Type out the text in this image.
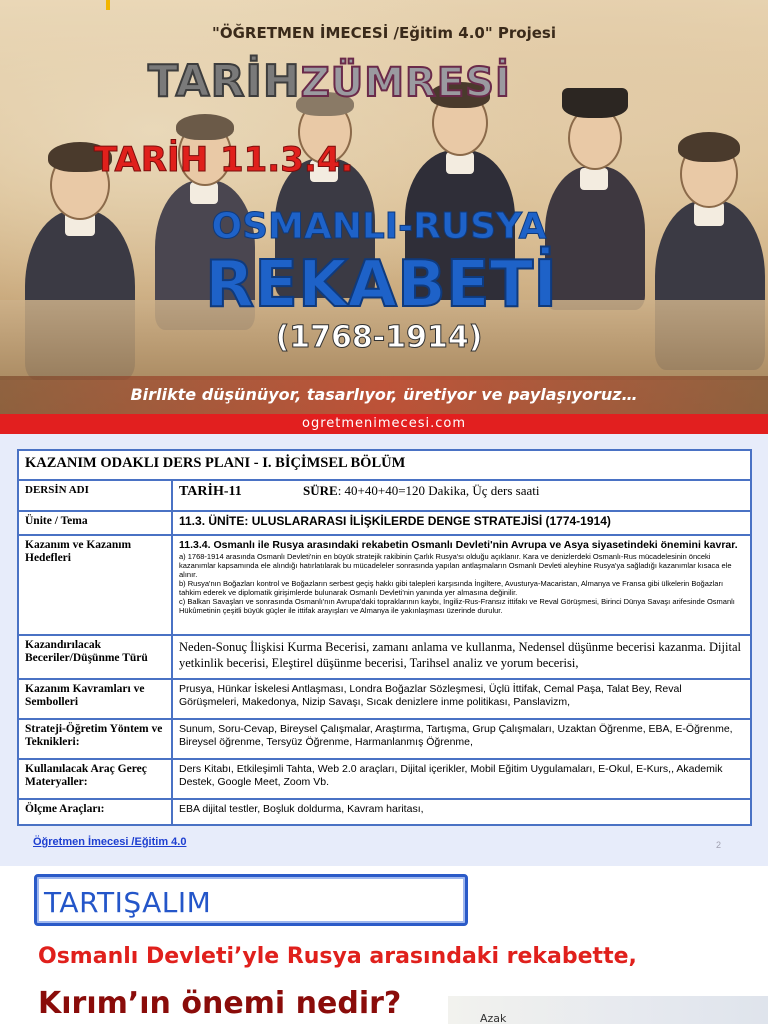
"ÖĞRETMEN İMECESİ /Eğitim 4.0" Projesi
TARİHZÜMRESİ
TARİH 11.3.4.
OSMANLI-RUSYA
REKABETİ
(1768-1914)
Birlikte düşünüyor, tasarlıyor, üretiyor ve paylaşıyoruz…
ogretmenimecesi.com
KAZANIM ODAKLI DERS PLANI - I. BİÇİMSEL BÖLÜM	
DERSİN ADI	TARİH-11 SÜRE: 40+40+40=120 Dakika, Üç ders saati
Ünite / Tema	11.3. ÜNİTE: ULUSLARARASI İLİŞKİLERDE DENGE STRATEJİSİ (1774-1914)
Kazanım ve Kazanım Hedefleri	11.3.4. Osmanlı ile Rusya arasındaki rekabetin Osmanlı Devleti'nin Avrupa ve Asya siyasetindeki önemini kavrar.
a) 1768-1914 arasında Osmanlı Devleti'nin en büyük stratejik rakibinin Çarlık Rusya'sı olduğu açıklanır. Kara ve denizlerdeki Osmanlı-Rus mücadelesinin önceki kazanımlar kapsamında ele alındığı hatırlatılarak bu mücadeleler sonrasında yapılan antlaşmaların Osmanlı Devleti aleyhine Rusya'ya sağladığı kazanımlar kısaca ele alınır.
b) Rusya'nın Boğazları kontrol ve Boğazların serbest geçiş hakkı gibi talepleri karşısında İngiltere, Avusturya-Macaristan, Almanya ve Fransa gibi ülkelerin Boğazları tahkim ederek ve diplomatik girişimlerde bulunarak Osmanlı Devleti'nin yanında yer almasına değinilir.
c) Balkan Savaşları ve sonrasında Osmanlı'nın Avrupa'daki topraklarının kaybı, İngiliz-Rus-Fransız ittifakı ve Reval Görüşmesi, Birinci Dünya Savaşı arifesinde Osmanlı Hükûmetinin çeşitli büyük güçler ile ittifak arayışları ve Almanya ile yakınlaşması üzerinde durulur.

Kazandırılacak Beceriler/Düşünme Türü	Neden-Sonuç İlişkisi Kurma Becerisi, zamanı anlama ve kullanma, Nedensel düşünme becerisi kazanma. Dijital yetkinlik becerisi, Eleştirel düşünme becerisi, Tarihsel analiz ve yorum becerisi,
Kazanım Kavramları ve Sembolleri	Prusya, Hünkar İskelesi Antlaşması, Londra Boğazlar Sözleşmesi, Üçlü İttifak, Cemal Paşa, Talat Bey, Reval Görüşmeleri, Makedonya, Nizip Savaşı, Sıcak denizlere inme politikası, Panslavizm,
Strateji-Öğretim Yöntem ve Teknikleri:	Sunum, Soru-Cevap, Bireysel Çalışmalar, Araştırma, Tartışma, Grup Çalışmaları, Uzaktan Öğrenme, EBA, E-Öğrenme, Bireysel öğrenme, Tersyüz Öğrenme, Harmanlanmış Öğrenme,
Kullanılacak Araç Gereç Materyaller:	Ders Kitabı, Etkileşimli Tahta, Web 2.0 araçları, Dijital içerikler, Mobil Eğitim Uygulamaları, E-Okul, E-Kurs,, Akademik Destek, Google Meet, Zoom Vb.
Ölçme Araçları:	EBA dijital testler, Boşluk doldurma, Kavram haritası,
Öğretmen İmecesi /Eğitim 4.0	2
TARTIŞALIM
Osmanlı Devleti’yle Rusya arasındaki rekabette,
Kırım’ın önemi nedir?	Azak
